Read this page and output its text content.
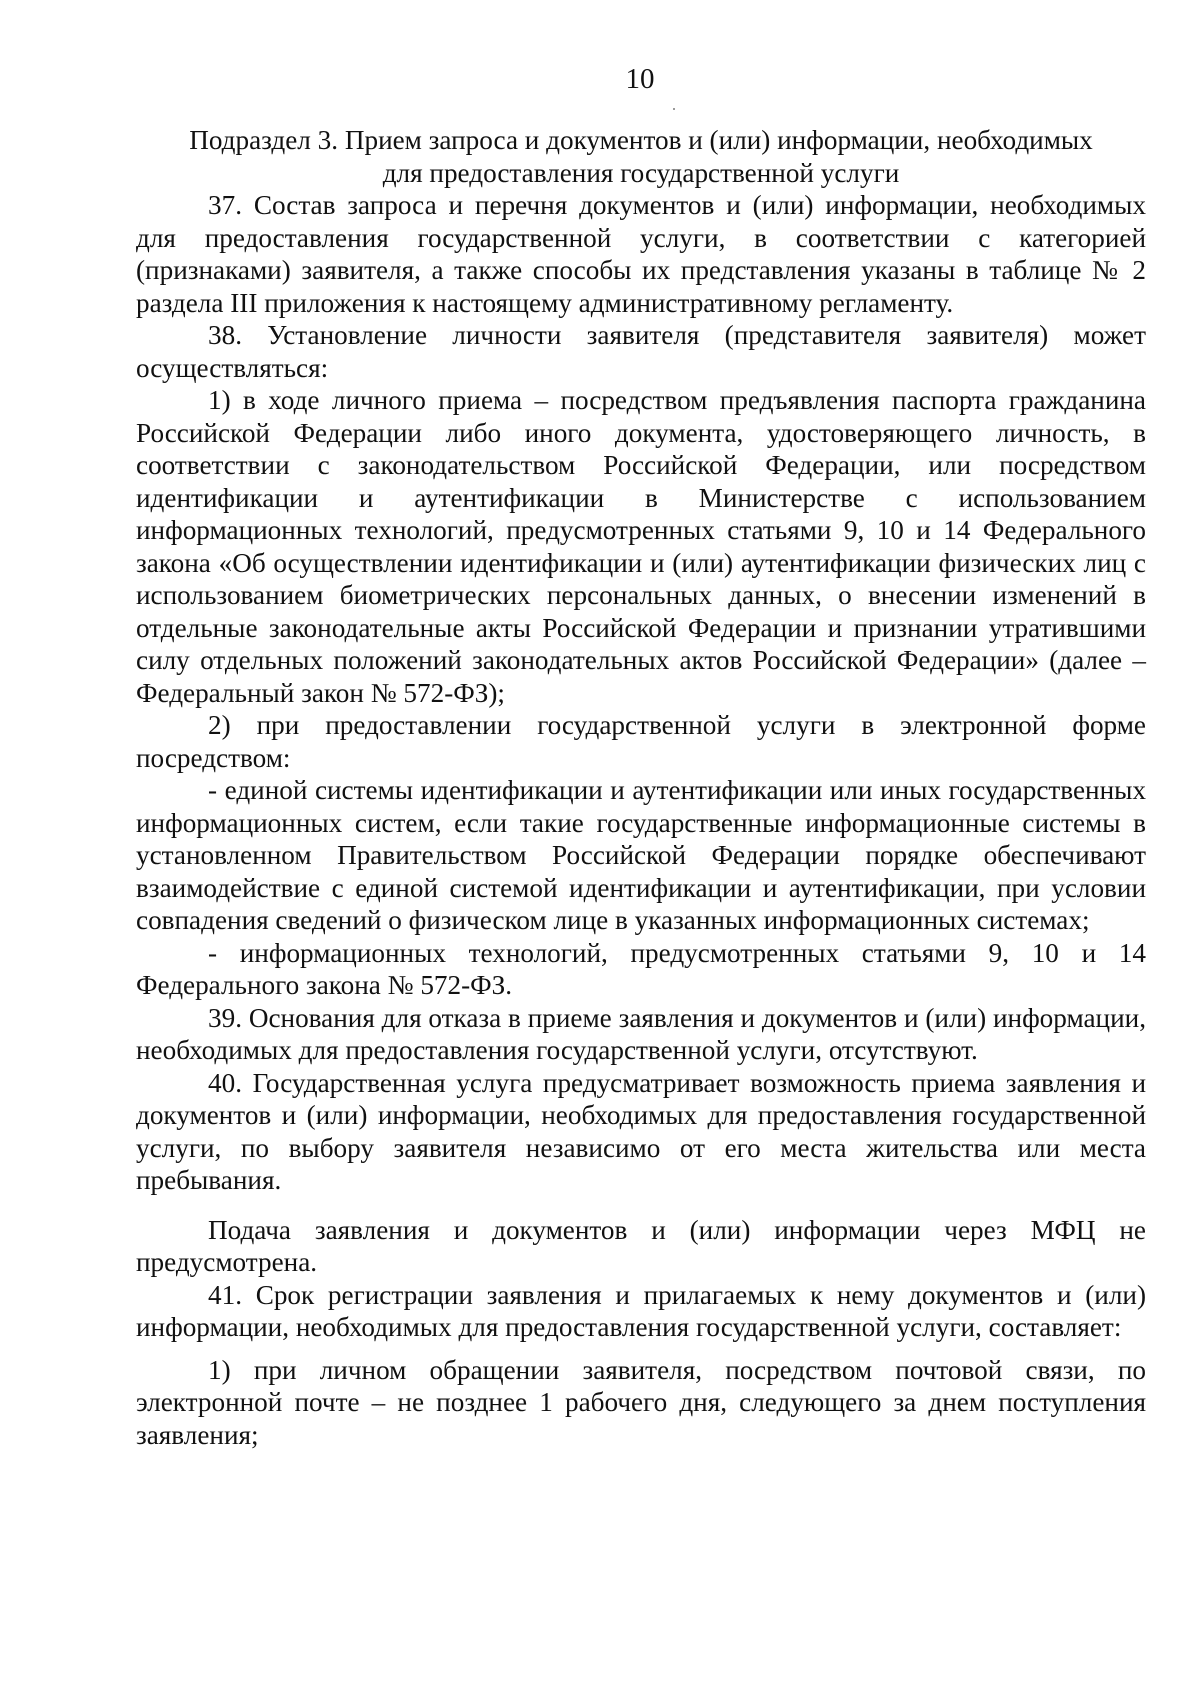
10
Подраздел 3. Прием запроса и документов и (или) информации, необходимых
для предоставления государственной услуги

37. Состав запроса и перечня документов и (или) информации, необходимых для предоставления государственной услуги, в соответствии с категорией (признаками) заявителя, а также способы их представления указаны в таблице № 2 раздела III приложения к настоящему административному регламенту.

38. Установление личности заявителя (представителя заявителя) может осуществляться:

1) в ходе личного приема – посредством предъявления паспорта гражданина Российской Федерации либо иного документа, удостоверяющего личность, в соответствии с законодательством Российской Федерации, или посредством идентификации и аутентификации в Министерстве с использованием информационных технологий, предусмотренных статьями 9, 10 и 14 Федерального закона «Об осуществлении идентификации и (или) аутентификации физических лиц с использованием биометрических персональных данных, о внесении изменений в отдельные законодательные акты Российской Федерации и признании утратившими силу отдельных положений законодательных актов Российской Федерации» (далее – Федеральный закон № 572-ФЗ);

2) при предоставлении государственной услуги в электронной форме посредством:

- единой системы идентификации и аутентификации или иных государственных информационных систем, если такие государственные информационные системы в установленном Правительством Российской Федерации порядке обеспечивают взаимодействие с единой системой идентификации и аутентификации, при условии совпадения сведений о физическом лице в указанных информационных системах;

- информационных технологий, предусмотренных статьями 9, 10 и 14 Федерального закона № 572-ФЗ.

39. Основания для отказа в приеме заявления и документов и (или) информации, необходимых для предоставления государственной услуги, отсутствуют.

40. Государственная услуга предусматривает возможность приема заявления и документов и (или) информации, необходимых для предоставления государственной услуги, по выбору заявителя независимо от его места жительства или места пребывания.

Подача заявления и документов и (или) информации через МФЦ не предусмотрена.

41. Срок регистрации заявления и прилагаемых к нему документов и (или) информации, необходимых для предоставления государственной услуги, составляет:

1) при личном обращении заявителя, посредством почтовой связи, по электронной почте – не позднее 1 рабочего дня, следующего за днем поступления заявления;
